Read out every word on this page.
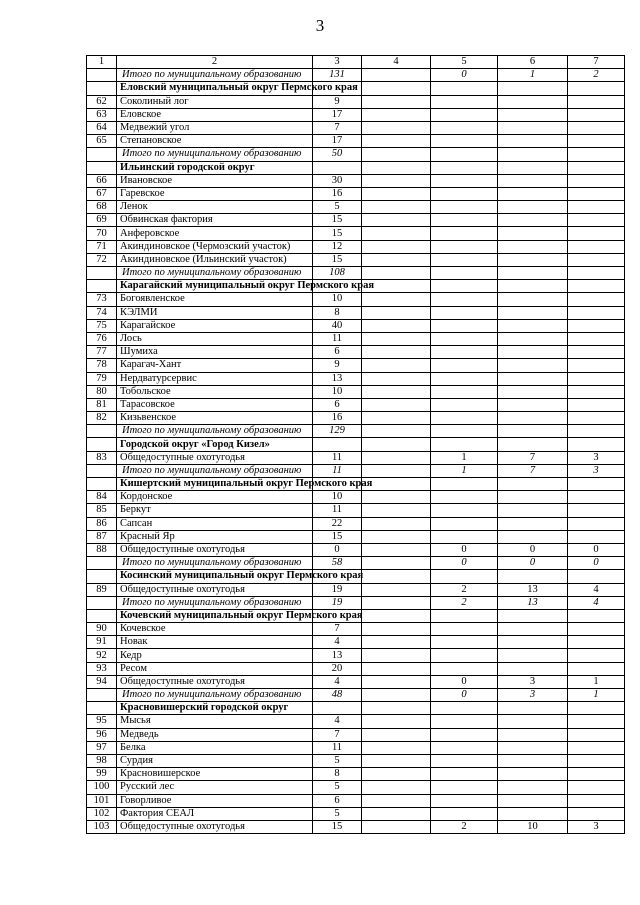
3
1	2	3	4	5	6	7
	Итого по муниципальному образованию	131		0	1	2
	Еловский муниципальный округ Пермского края					
62	Соколиный лог	9				
63	Еловское	17				
64	Медвежий угол	7				
65	Степановское	17				
	Итого по муниципальному образованию	50				
	Ильинский городской округ					
66	Ивановское	30				
67	Гаревское	16				
68	Ленок	5				
69	Обвинская фактория	15				
70	Анферовское	15				
71	Акиндиновское (Чермозский участок)	12				
72	Акиндиновское (Ильинский участок)	15				
	Итого по муниципальному образованию	108				
	Карагайский муниципальный округ Пермского края					
73	Богоявленское	10				
74	КЭЛМИ	8				
75	Карагайское	40				
76	Лось	11				
77	Шумиха	6				
78	Карагач-Хант	9				
79	Нердватурсервис	13				
80	Тобольское	10				
81	Тарасовское	6				
82	Кизьвенское	16				
	Итого по муниципальному образованию	129				
	Городской округ «Город Кизел»					
83	Общедоступные охотугодья	11		1	7	3
	Итого по муниципальному образованию	11		1	7	3
	Кишертский муниципальный округ Пермского края					
84	Кордонское	10				
85	Беркут	11				
86	Сапсан	22				
87	Красный Яр	15				
88	Общедоступные охотугодья	0		0	0	0
	Итого по муниципальному образованию	58		0	0	0
	Косинский муниципальный округ Пермского края					
89	Общедоступные охотугодья	19		2	13	4
	Итого по муниципальному образованию	19		2	13	4
	Кочевский муниципальный округ Пермского края					
90	Кочевское	7				
91	Новак	4				
92	Кедр	13				
93	Ресом	20				
94	Общедоступные охотугодья	4		0	3	1
	Итого по муниципальному образованию	48		0	3	1
	Красновишерский городской округ					
95	Мысья	4				
96	Медведь	7				
97	Белка	11				
98	Сурдия	5				
99	Красновишерское	8				
100	Русский лес	5				
101	Говорливое	6				
102	Фактория СЕАЛ	5				
103	Общедоступные охотугодья	15		2	10	3
